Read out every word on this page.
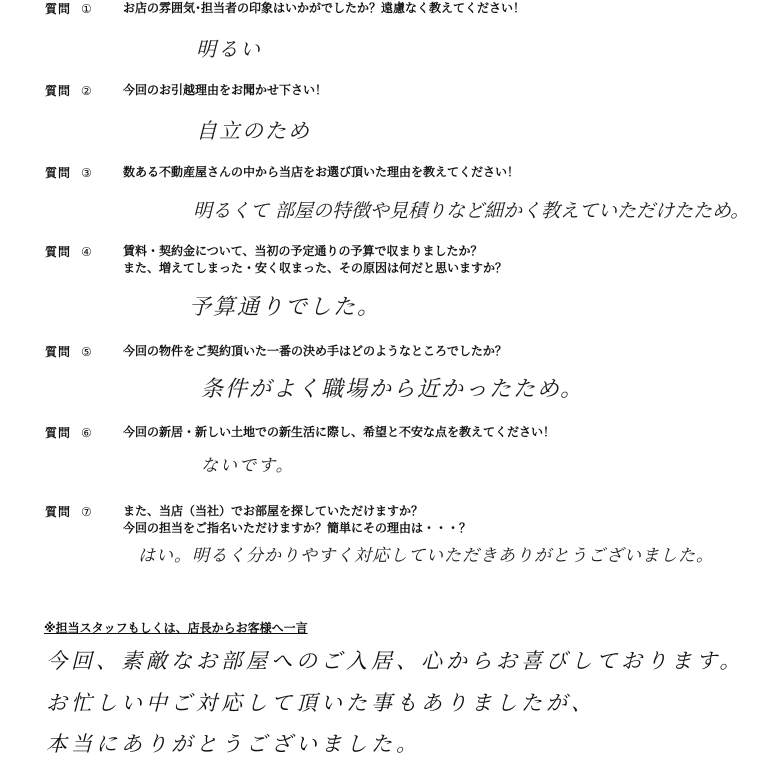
質問 ①	お店の雰囲気･担当者の印象はいかがでしたか？遠慮なく教えてください！
明るい
質問 ②	今回のお引越理由をお聞かせ下さい！
自立のため
質問 ③	数ある不動産屋さんの中から当店をお選び頂いた理由を教えてください！
明るくて 部屋の特徴や見積りなど細かく教えていただけたため。
質問 ④	賃料・契約金について、当初の予定通りの予算で収まりましたか？
また、増えてしまった・安く収まった、その原因は何だと思いますか？
予算通りでした。
質問 ⑤	今回の物件をご契約頂いた一番の決め手はどのようなところでしたか？
条件がよく職場から近かったため。
質問 ⑥	今回の新居・新しい土地での新生活に際し、希望と不安な点を教えてください！
ないです。
質問 ⑦	また、当店（当社）でお部屋を探していただけますか？
今回の担当をご指名いただけますか？簡単にその理由は・・・？
はい。明るく分かりやすく対応していただきありがとうございました。
※担当スタッフもしくは、店長からお客様へ一言
今回、素敵なお部屋へのご入居、心からお喜びしております。
お忙しい中ご対応して頂いた事もありましたが、
本当にありがとうございました。
